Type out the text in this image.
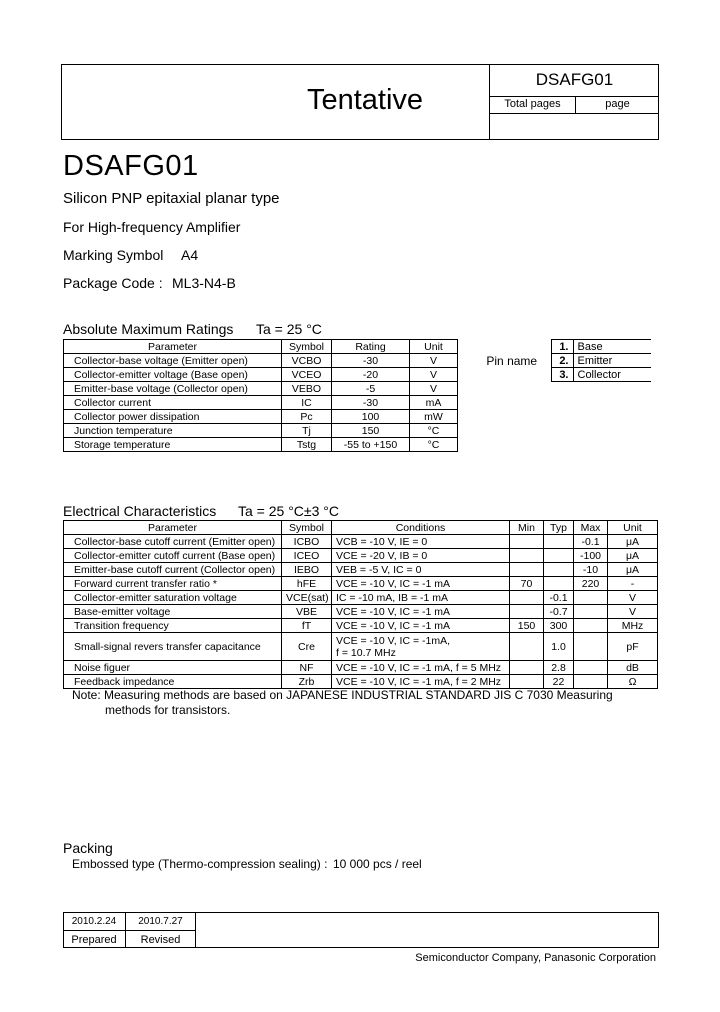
Tentative
DSAFG01
Total pages	page
DSAFG01
Silicon PNP epitaxial planar type
For High-frequency Amplifier
Marking Symbol A4
Package Code : ML3-N4-B
Absolute Maximum Ratings Ta = 25 °C
Parameter	Symbol	Rating	Unit
Collector-base voltage (Emitter open)	VCBO	-30	V
Collector-emitter voltage (Base open)	VCEO	-20	V
Emitter-base voltage (Collector open)	VEBO	-5	V
Collector current	IC	-30	mA
Collector power dissipation	Pc	100	mW
Junction temperature	Tj	150	°C
Storage temperature	Tstg	-55 to +150	°C
Pin name	1.	Base
	2.	Emitter
	3.	Collector
Electrical Characteristics Ta = 25 °C±3 °C
Parameter	Symbol	Conditions	Min	Typ	Max	Unit
Collector-base cutoff current (Emitter open)	ICBO	VCB = -10 V, IE = 0			-0.1	μA
Collector-emitter cutoff current (Base open)	ICEO	VCE = -20 V, IB = 0			-100	μA
Emitter-base cutoff current (Collector open)	IEBO	VEB = -5 V, IC = 0			-10	μA
Forward current transfer ratio *	hFE	VCE = -10 V, IC = -1 mA	70		220	-
Collector-emitter saturation voltage	VCE(sat)	IC = -10 mA, IB = -1 mA		-0.1		V
Base-emitter voltage	VBE	VCE = -10 V, IC = -1 mA		-0.7		V
Transition frequency	fT	VCE = -10 V, IC = -1 mA	150	300		MHz
Small-signal revers transfer capacitance	Cre	VCE = -10 V, IC = -1mA,
f = 10.7 MHz		1.0		pF
Noise figuer	NF	VCE = -10 V, IC = -1 mA, f = 5 MHz		2.8		dB
Feedback impedance	Zrb	VCE = -10 V, IC = -1 mA, f = 2 MHz		22		Ω
Note: Measuring methods are based on JAPANESE INDUSTRIAL STANDARD JIS C 7030 Measuring
methods for transistors.
Packing
Embossed type (Thermo-compression sealing) : 10 000 pcs / reel
2010.2.24	2010.7.27
Prepared	Revised
Semiconductor Company, Panasonic Corporation
